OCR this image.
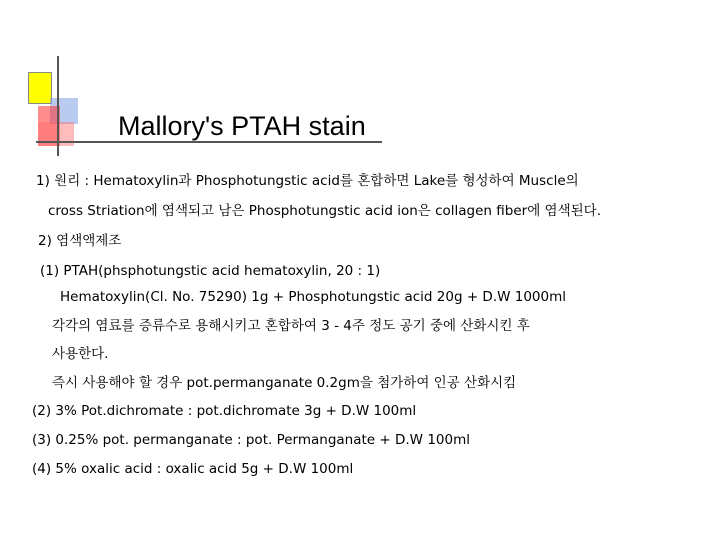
Mallory's PTAH stain
1) 원리 : Hematoxylin과 Phosphotungstic acid를 혼합하면 Lake를 형성하여 Muscle의
cross Striation에 염색되고 남은 Phosphotungstic acid ion은 collagen fiber에 염색된다.
2) 염색액제조
(1) PTAH(phsphotungstic acid hematoxylin, 20 : 1)
Hematoxylin(Cl. No. 75290) 1g + Phosphotungstic acid 20g + D.W 1000ml
각각의 염료를 증류수로 용해시키고 혼합하여 3 - 4주 정도 공기 중에 산화시킨 후
사용한다.
즉시 사용해야 할 경우 pot.permanganate 0.2gm을 첨가하여 인공 산화시킴
(2) 3% Pot.dichromate : pot.dichromate 3g + D.W 100ml
(3) 0.25% pot. permanganate : pot. Permanganate + D.W 100ml
(4) 5% oxalic acid : oxalic acid 5g + D.W 100ml
